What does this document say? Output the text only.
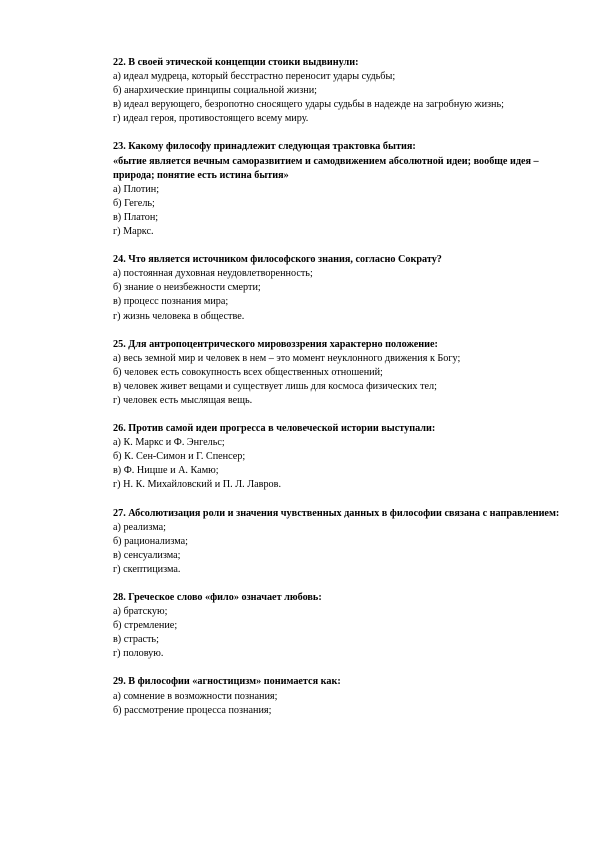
22. В своей этической концепции стоики выдвинули:

а) идеал мудреца, который бесстрастно переносит удары судьбы;

б) анархические принципы социальной жизни;

в) идеал верующего, безропотно сносящего удары судьбы в надежде на загробную жизнь;

г) идеал героя, противостоящего всему миру.

23. Какому философу принадлежит следующая трактовка бытия:

«бытие является вечным саморазвитием и самодвижением абсолютной идеи; вообще идея – природа; понятие есть истина бытия»

а) Плотин;

б) Гегель;

в) Платон;

г) Маркс.

24. Что является источником философского знания, согласно Сократу?

а) постоянная духовная неудовлетворенность;

б) знание о неизбежности смерти;

в) процесс познания мира;

г) жизнь человека в обществе.

25. Для антропоцентрического мировоззрения характерно положение:

а) весь земной мир и человек в нем – это момент неуклонного движения к Богу;

б) человек есть совокупность всех общественных отношений;

в) человек живет вещами и существует лишь для космоса физических тел;

г) человек есть мыслящая вещь.

26. Против самой идеи прогресса в человеческой истории выступали:

а) К. Маркс и Ф. Энгельс;

б) К. Сен-Симон и Г. Спенсер;

в) Ф. Ницше и А. Камю;

г) Н. К. Михайловский и П. Л. Лавров.

27. Абсолютизация роли и значения чувственных данных в философии связана с направлением:

а) реализма;

б) рационализма;

в) сенсуализма;

г) скептицизма.

28. Греческое слово «фило» означает любовь:

а) братскую;

б) стремление;

в) страсть;

г) половую.

29. В философии «агностицизм» понимается как:

а) сомнение в возможности познания;

б) рассмотрение процесса познания;
